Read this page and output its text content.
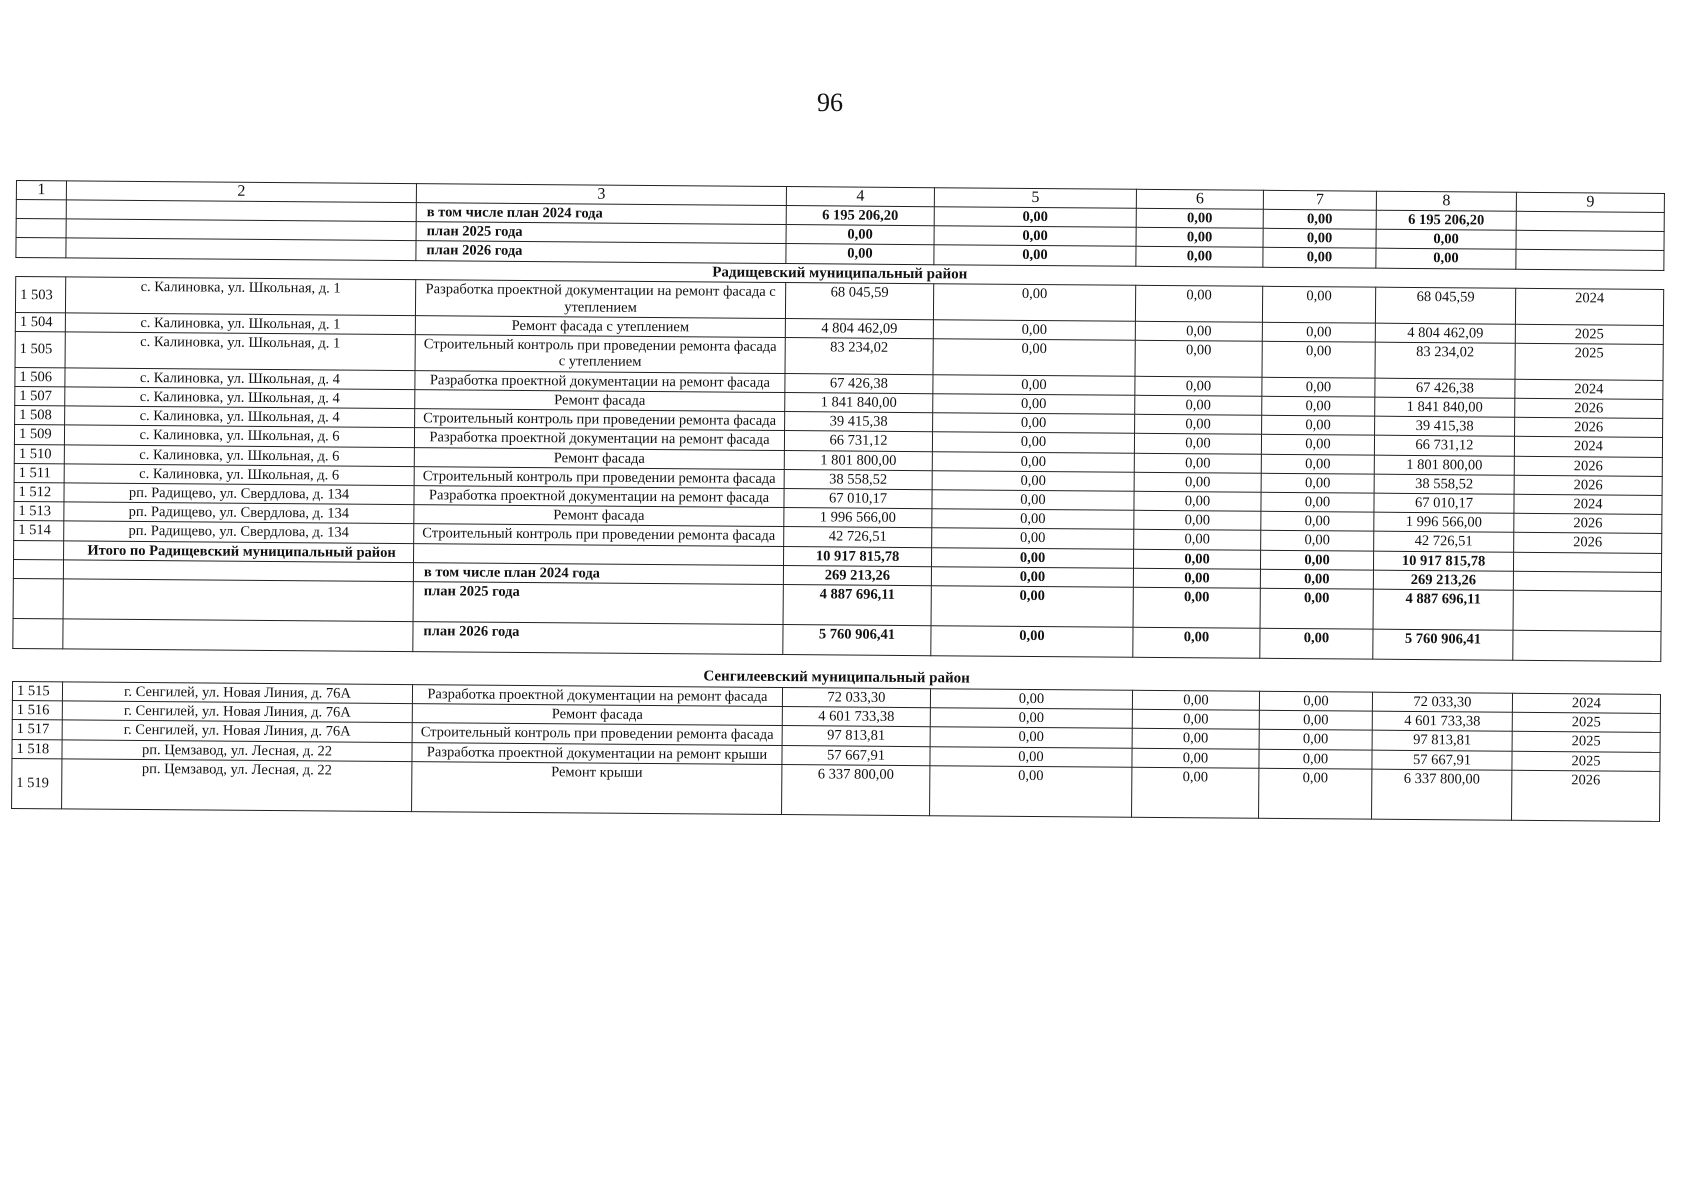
96
1	2	3	4	5	6	7	8	9
		в том числе план 2024 года	6 195 206,20	0,00	0,00	0,00	6 195 206,20	
		план 2025 года	0,00	0,00	0,00	0,00	0,00	
		план 2026 года	0,00	0,00	0,00	0,00	0,00	
Радищевский муниципальный район								
1 503	с. Калиновка, ул. Школьная, д. 1	Разработка проектной документации на ремонт фасада с утеплением	68 045,59	0,00	0,00	0,00	68 045,59	2024
1 504	с. Калиновка, ул. Школьная, д. 1	Ремонт фасада с утеплением	4 804 462,09	0,00	0,00	0,00	4 804 462,09	2025
1 505	с. Калиновка, ул. Школьная, д. 1	Строительный контроль при проведении ремонта фасада с утеплением	83 234,02	0,00	0,00	0,00	83 234,02	2025
1 506	с. Калиновка, ул. Школьная, д. 4	Разработка проектной документации на ремонт фасада	67 426,38	0,00	0,00	0,00	67 426,38	2024
1 507	с. Калиновка, ул. Школьная, д. 4	Ремонт фасада	1 841 840,00	0,00	0,00	0,00	1 841 840,00	2026
1 508	с. Калиновка, ул. Школьная, д. 4	Строительный контроль при проведении ремонта фасада	39 415,38	0,00	0,00	0,00	39 415,38	2026
1 509	с. Калиновка, ул. Школьная, д. 6	Разработка проектной документации на ремонт фасада	66 731,12	0,00	0,00	0,00	66 731,12	2024
1 510	с. Калиновка, ул. Школьная, д. 6	Ремонт фасада	1 801 800,00	0,00	0,00	0,00	1 801 800,00	2026
1 511	с. Калиновка, ул. Школьная, д. 6	Строительный контроль при проведении ремонта фасада	38 558,52	0,00	0,00	0,00	38 558,52	2026
1 512	рп. Радищево, ул. Свердлова, д. 134	Разработка проектной документации на ремонт фасада	67 010,17	0,00	0,00	0,00	67 010,17	2024
1 513	рп. Радищево, ул. Свердлова, д. 134	Ремонт фасада	1 996 566,00	0,00	0,00	0,00	1 996 566,00	2026
1 514	рп. Радищево, ул. Свердлова, д. 134	Строительный контроль при проведении ремонта фасада	42 726,51	0,00	0,00	0,00	42 726,51	2026
	Итого по Радищевский муниципальный район		10 917 815,78	0,00	0,00	0,00	10 917 815,78	
		в том числе план 2024 года	269 213,26	0,00	0,00	0,00	269 213,26	
		план 2025 года	4 887 696,11	0,00	0,00	0,00	4 887 696,11	
		план 2026 года	5 760 906,41	0,00	0,00	0,00	5 760 906,41	
Сенгилеевский муниципальный район								
1 515	г. Сенгилей, ул. Новая Линия, д. 76А	Разработка проектной документации на ремонт фасада	72 033,30	0,00	0,00	0,00	72 033,30	2024
1 516	г. Сенгилей, ул. Новая Линия, д. 76А	Ремонт фасада	4 601 733,38	0,00	0,00	0,00	4 601 733,38	2025
1 517	г. Сенгилей, ул. Новая Линия, д. 76А	Строительный контроль при проведении ремонта фасада	97 813,81	0,00	0,00	0,00	97 813,81	2025
1 518	рп. Цемзавод, ул. Лесная, д. 22	Разработка проектной документации на ремонт крыши	57 667,91	0,00	0,00	0,00	57 667,91	2025
1 519	рп. Цемзавод, ул. Лесная, д. 22	Ремонт крыши	6 337 800,00	0,00	0,00	0,00	6 337 800,00	2026
